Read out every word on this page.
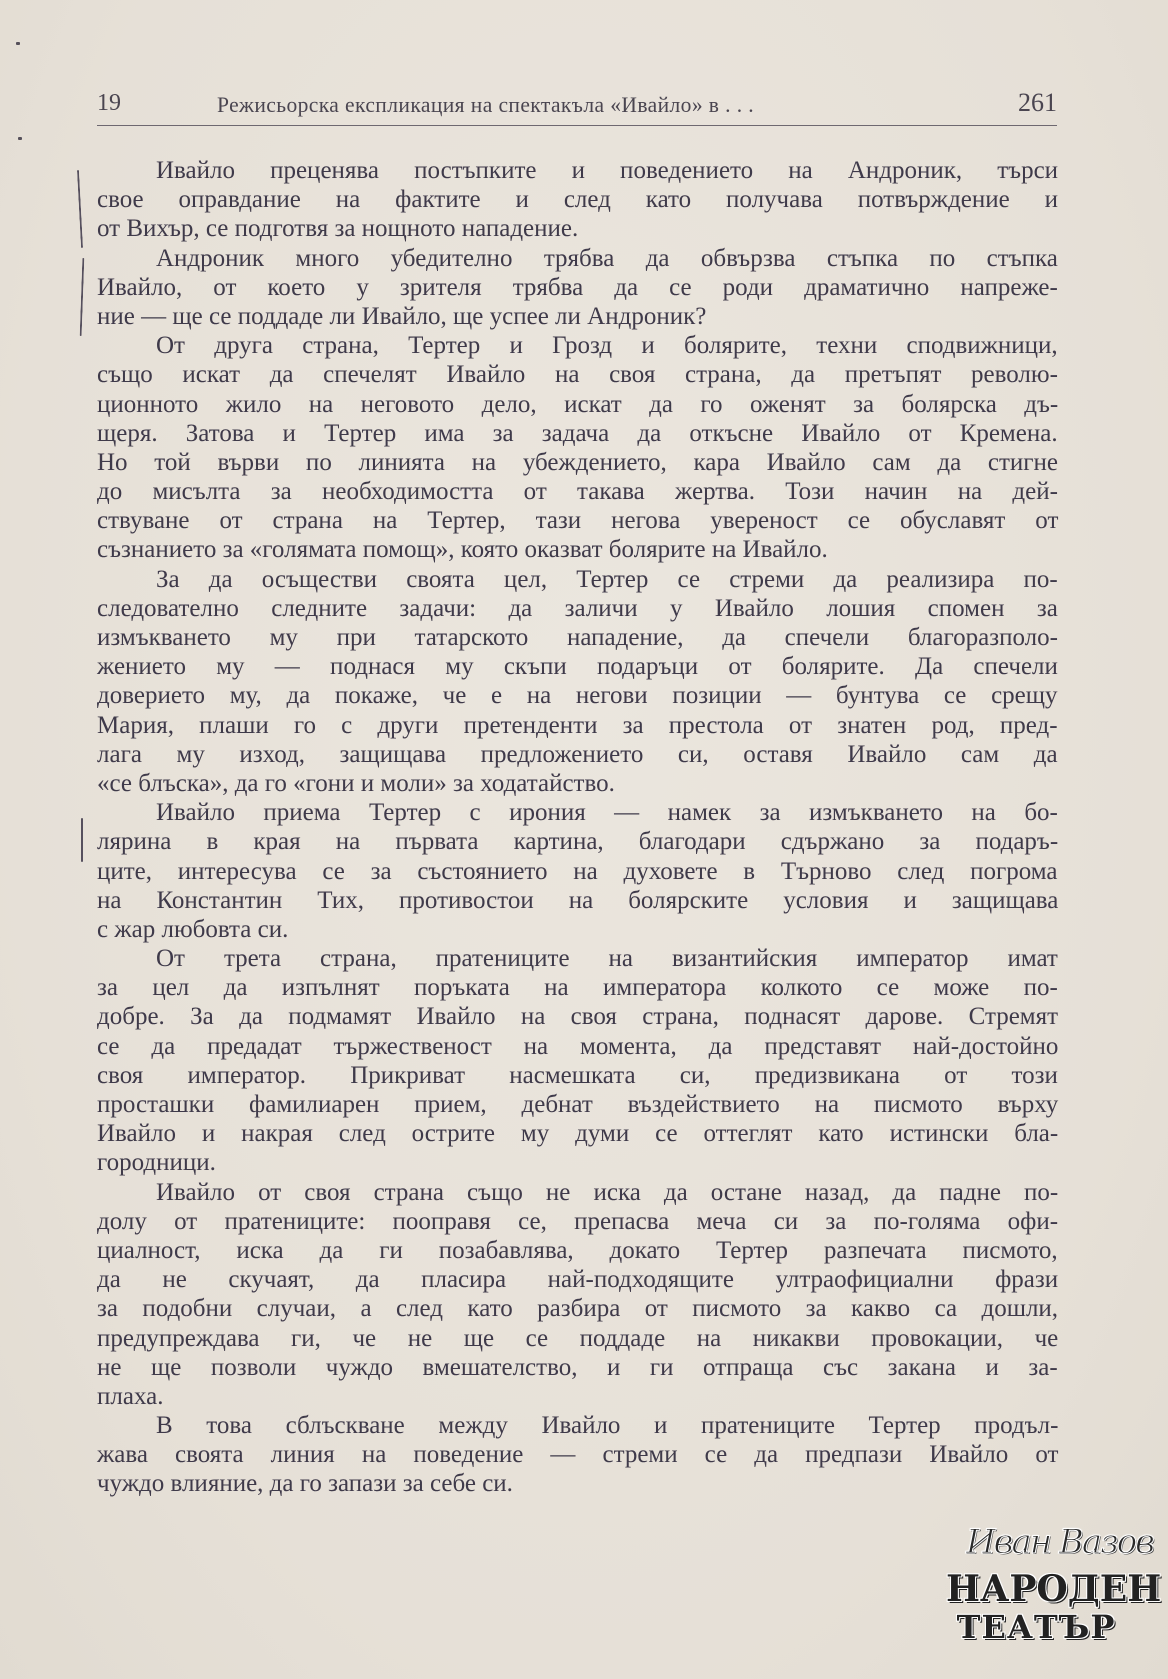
19	Режисьорска експликация на спектакъла «Ивайло» в . . .	261
Ивайло преценява постъпките и поведението на Андроник, търси
свое оправдание на фактите и след като получава потвърждение и
от Вихър, се подготвя за нощното нападение.
Андроник много убедително трябва да обвързва стъпка по стъпка
Ивайло, от което у зрителя трябва да се роди драматично напреже-
ние — ще се поддаде ли Ивайло, ще успее ли Андроник?
От друга страна, Тертер и Грозд и болярите, техни сподвижници,
също искат да спечелят Ивайло на своя страна, да претъпят револю-
ционното жило на неговото дело, искат да го оженят за болярска дъ-
щеря. Затова и Тертер има за задача да откъсне Ивайло от Кремена.
Но той върви по линията на убеждението, кара Ивайло сам да стигне
до мисълта за необходимостта от такава жертва. Този начин на дей-
ствуване от страна на Тертер, тази негова увереност се обуславят от
съзнанието за «голямата помощ», която оказват болярите на Ивайло.
За да осъществи своята цел, Тертер се стреми да реализира по-
следователно следните задачи: да заличи у Ивайло лошия спомен за
измъкването му при татарското нападение, да спечели благоразполо-
жението му — поднася му скъпи подаръци от болярите. Да спечели
доверието му, да покаже, че е на негови позиции — бунтува се срещу
Мария, плаши го с други претенденти за престола от знатен род, пред-
лага му изход, защищава предложението си, оставя Ивайло сам да
«се блъска», да го «гони и моли» за ходатайство.
Ивайло приема Тертер с ирония — намек за измъкването на бо-
лярина в края на първата картина, благодари сдържано за подаръ-
ците, интересува се за състоянието на духовете в Търново след погрома
на Константин Тих, противостои на болярските условия и защищава
с жар любовта си.
От трета страна, пратениците на византийския император имат
за цел да изпълнят поръката на императора колкото се може по-
добре. За да подмамят Ивайло на своя страна, поднасят дарове. Стремят
се да предадат тържественост на момента, да представят най-достойно
своя император. Прикриват насмешката си, предизвикана от този
просташки фамилиарен прием, дебнат въздействието на писмото върху
Ивайло и накрая след острите му думи се оттеглят като истински бла-
городници.
Ивайло от своя страна също не иска да остане назад, да падне по-
долу от пратениците: пооправя се, препасва меча си за по-голяма офи-
циалност, иска да ги позабавлява, докато Тертер разпечата писмото,
да не скучаят, да пласира най-подходящите ултраофициални фрази
за подобни случаи, а след като разбира от писмото за какво са дошли,
предупреждава ги, че не ще се поддаде на никакви провокации, че
не ще позволи чуждо вмешателство, и ги отпраща със закана и за-
плаха.
В това сблъскване между Ивайло и пратениците Тертер продъл-
жава своята линия на поведение — стреми се да предпази Ивайло от
чуждо влияние, да го запази за себе си.
Иван Вазов
НАРОДЕН
ТЕАТЪР
